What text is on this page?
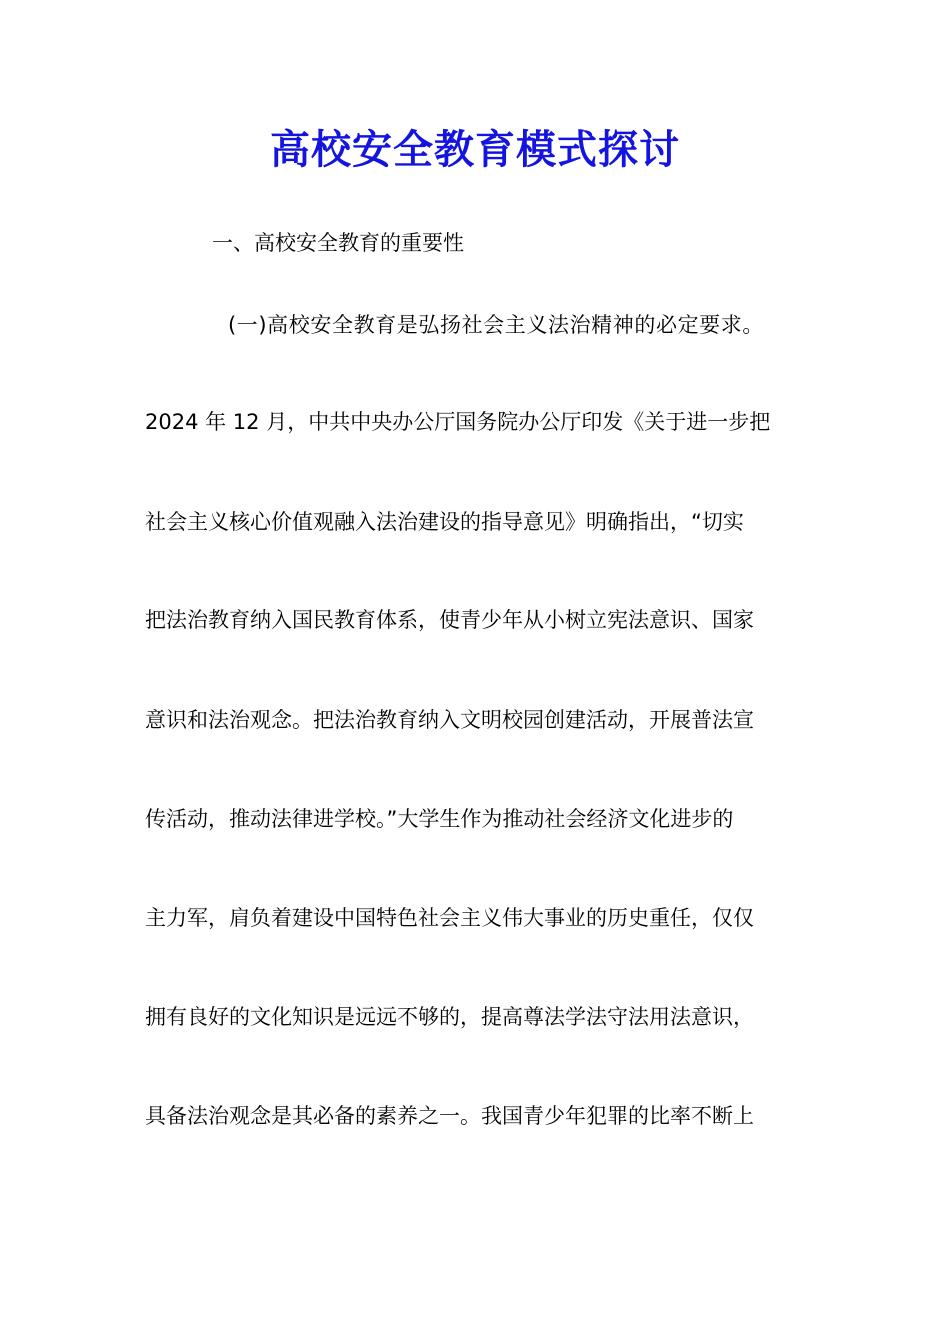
高校安全教育模式探讨
一、高校安全教育的重要性
(一)高校安全教育是弘扬社会主义法治精神的必定要求。
2024 年 12 月，中共中央办公厅国务院办公厅印发《关于进一步把
社会主义核心价值观融入法治建设的指导意见》明确指出，“切实
把法治教育纳入国民教育体系，使青少年从小树立宪法意识、国家
意识和法治观念。把法治教育纳入文明校园创建活动，开展普法宣
传活动，推动法律进学校。”大学生作为推动社会经济文化进步的
主力军，肩负着建设中国特色社会主义伟大事业的历史重任，仅仅
拥有良好的文化知识是远远不够的，提高尊法学法守法用法意识，
具备法治观念是其必备的素养之一。我国青少年犯罪的比率不断上
